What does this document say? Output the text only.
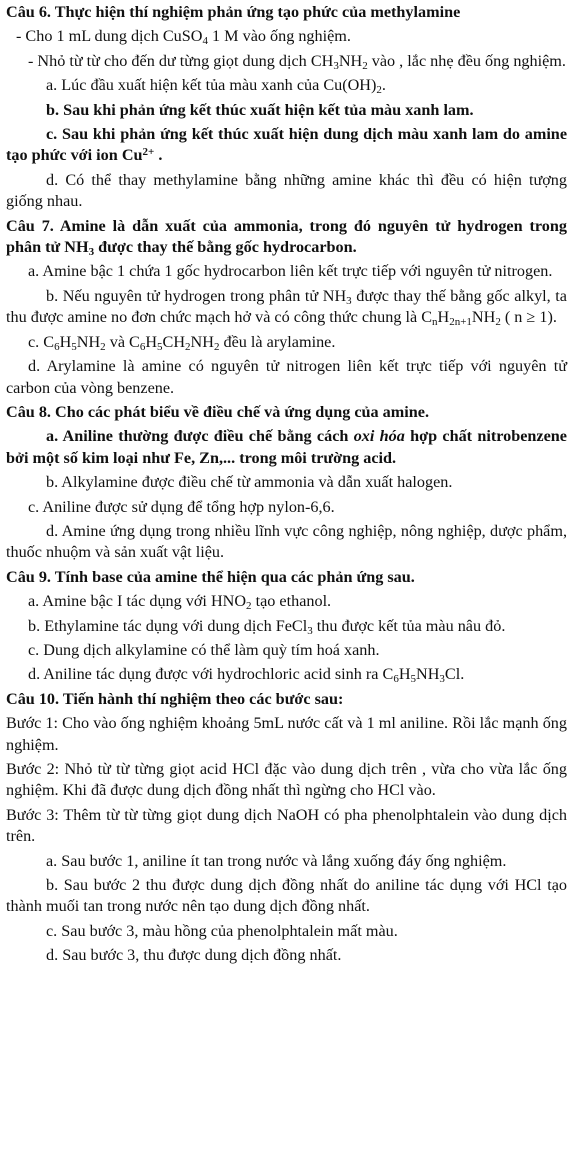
Câu 6. Thực hiện thí nghiệm phản ứng tạo phức của methylamine

- Cho 1 mL dung dịch CuSO$_4$ 1 M vào ống nghiệm.

- Nhỏ từ từ cho đến dư từng giọt dung dịch $CH_3NH_2$ vào , lắc nhẹ đều ống nghiệm.

a. Lúc đầu xuất hiện kết tủa màu xanh của $Cu(OH)_2$.

b. Sau khi phản ứng kết thúc xuất hiện kết tủa màu xanh lam.

c. Sau khi phản ứng kết thúc xuất hiện dung dịch màu xanh lam do amine tạo phức với ion $Cu^{2+}$ .

d. Có thể thay methylamine bằng những amine khác thì đều có hiện tượng giống nhau.

Câu 7. Amine là dẫn xuất của ammonia, trong đó nguyên tử hydrogen trong phân tử $NH_3$ được thay thế bằng gốc hydrocarbon.

a. Amine bậc 1 chứa 1 gốc hydrocarbon liên kết trực tiếp với nguyên tử nitrogen.

b. Nếu nguyên tử hydrogen trong phân tử $NH_3$ được thay thế bằng gốc alkyl, ta thu được amine no đơn chức mạch hở và có công thức chung là $C_nH_{2n+1}NH_2$ ( n ≥ 1).

c. $C_6H_5NH_2$ và $C_6H_5CH_2NH_2$ đều là arylamine.

d. Arylamine là amine có nguyên tử nitrogen liên kết trực tiếp với nguyên tử carbon của vòng benzene.

Câu 8. Cho các phát biểu về điều chế và ứng dụng của amine.

a. Aniline thường được điều chế bằng cách oxi hóa hợp chất nitrobenzene bởi một số kim loại như Fe, Zn,... trong môi trường acid.

b. Alkylamine được điều chế từ ammonia và dẫn xuất halogen.

c. Aniline được sử dụng để tổng hợp nylon-6,6.

d. Amine ứng dụng trong nhiều lĩnh vực công nghiệp, nông nghiệp, dược phẩm, thuốc nhuộm và sản xuất vật liệu.

Câu 9. Tính base của amine thể hiện qua các phản ứng sau.

a. Amine bậc I tác dụng với $HNO_2$ tạo ethanol.

b. Ethylamine tác dụng với dung dịch FeCl$_3$ thu được kết tủa màu nâu đỏ.

c. Dung dịch alkylamine có thể làm quỳ tím hoá xanh.

d. Aniline tác dụng được với hydrochloric acid sinh ra $C_6H_5NH_3Cl$.

Câu 10. Tiến hành thí nghiệm theo các bước sau:

Bước 1: Cho vào ống nghiệm khoảng 5mL nước cất và 1 ml aniline. Rồi lắc mạnh ống nghiệm.

Bước 2: Nhỏ từ từ từng giọt acid HCl đặc vào dung dịch trên , vừa cho vừa lắc ống nghiệm. Khi đã được dung dịch đồng nhất thì ngừng cho HCl vào.

Bước 3: Thêm từ từ từng giọt dung dịch NaOH có pha phenolphtalein vào dung dịch trên.

a. Sau bước 1, aniline ít tan trong nước và lắng xuống đáy ống nghiệm.

b. Sau bước 2 thu được dung dịch đồng nhất do aniline tác dụng với HCl tạo thành muối tan trong nước nên tạo dung dịch đồng nhất.

c. Sau bước 3, màu hồng của phenolphtalein mất màu.

d. Sau bước 3, thu được dung dịch đồng nhất.
